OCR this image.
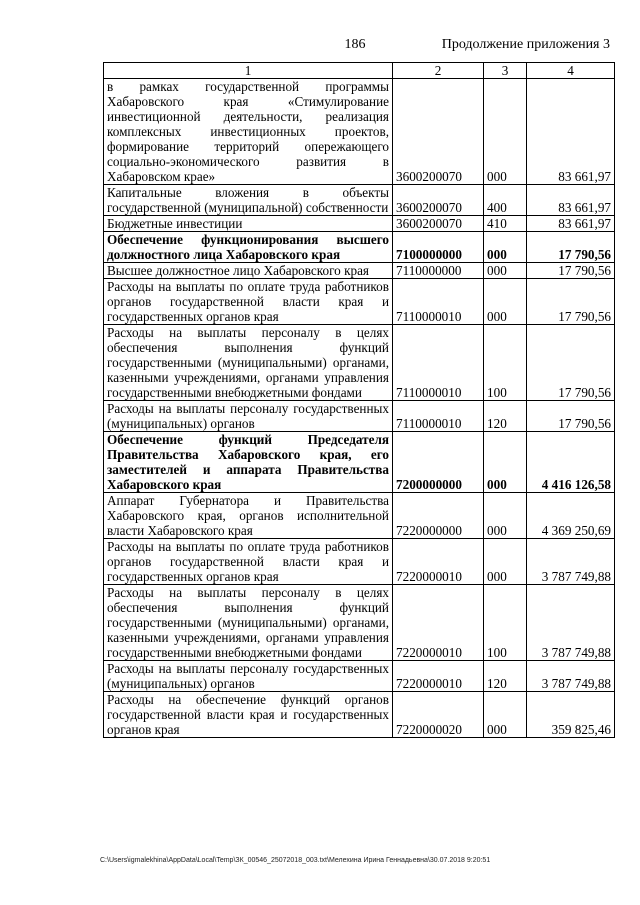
186	Продолжение приложения 3
1	2	3	4
в рамках государственной программы Хабаровского края «Стимулирование инвестиционной деятельности, реализация комплексных инвестиционных проектов, формирование территорий опережающего социально-экономического развития в Хабаровском крае»	3600200070	000	83 661,97
Капитальные вложения в объекты государственной (муниципальной) собственности	3600200070	400	83 661,97
Бюджетные инвестиции	3600200070	410	83 661,97
Обеспечение функционирования высшего должностного лица Хабаровского края	7100000000	000	17 790,56
Высшее должностное лицо Хабаровского края	7110000000	000	17 790,56
Расходы на выплаты по оплате труда работников органов государственной власти края и государственных органов края	7110000010	000	17 790,56
Расходы на выплаты персоналу в целях обеспечения выполнения функций государственными (муниципальными) органами, казенными учреждениями, органами управления государственными внебюджетными фондами	7110000010	100	17 790,56
Расходы на выплаты персоналу государственных (муниципальных) органов	7110000010	120	17 790,56
Обеспечение функций Председателя Правительства Хабаровского края, его заместителей и аппарата Правительства Хабаровского края	7200000000	000	4 416 126,58
Аппарат Губернатора и Правительства Хабаровского края, органов исполнительной власти Хабаровского края	7220000000	000	4 369 250,69
Расходы на выплаты по оплате труда работников органов государственной власти края и государственных органов края	7220000010	000	3 787 749,88
Расходы на выплаты персоналу в целях обеспечения выполнения функций государственными (муниципальными) органами, казенными учреждениями, органами управления государственными внебюджетными фондами	7220000010	100	3 787 749,88
Расходы на выплаты персоналу государственных (муниципальных) органов	7220000010	120	3 787 749,88
Расходы на обеспечение функций органов государственной власти края и государственных органов края	7220000020	000	359 825,46
C:\Users\igmalekhina\AppData\Local\Temp\ЗК_00546_25072018_003.txt\Мелехина Ирина Геннадьевна\30.07.2018 9:20:51
